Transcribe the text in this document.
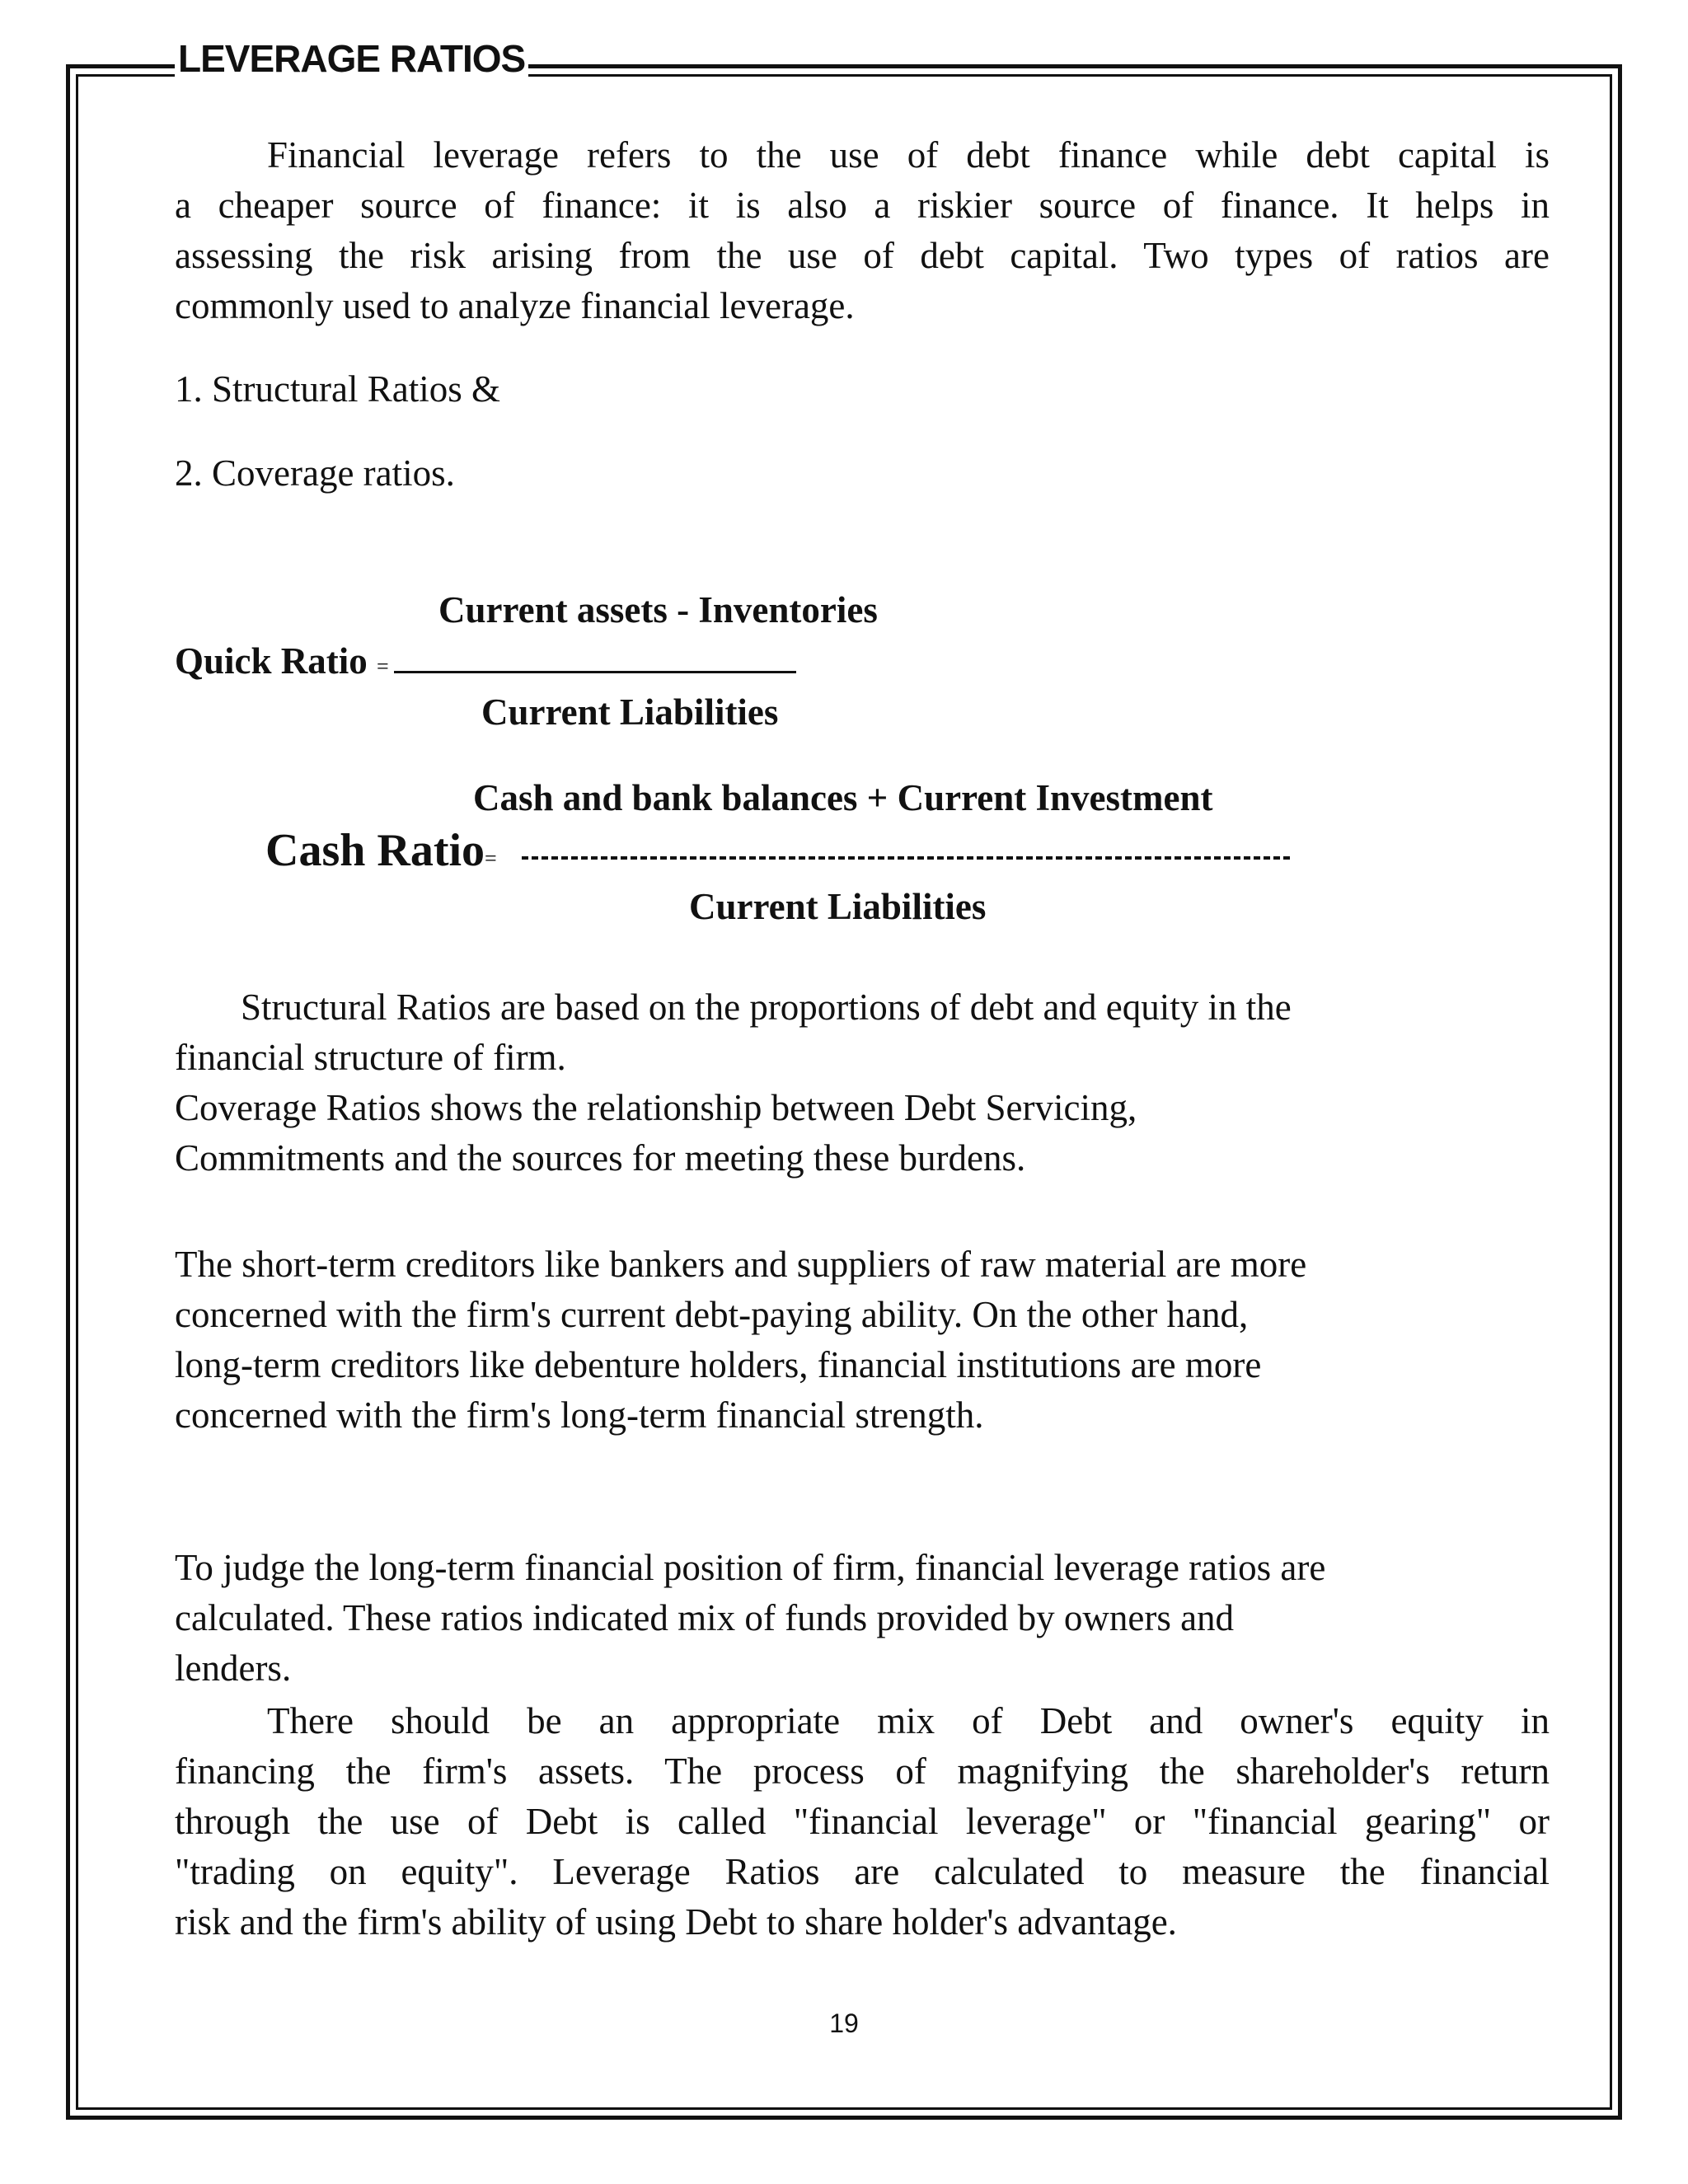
LEVERAGE RATIOS
Financial leverage refers to the use of debt finance while debt capital is
a cheaper source of finance: it is also a riskier source of finance. It helps in
assessing the risk arising from the use of debt capital. Two types of ratios are
commonly used to analyze financial leverage.
1. Structural Ratios &
2. Coverage ratios.
Current assets - Inventories
Quick Ratio =
Current Liabilities
Cash and bank balances + Current Investment
Cash Ratio=
Current Liabilities
Structural Ratios are based on the proportions of debt and equity in the
financial structure of firm.
Coverage Ratios shows the relationship between Debt Servicing,
Commitments and the sources for meeting these burdens.
The short-term creditors like bankers and suppliers of raw material are more
concerned with the firm's current debt-paying ability. On the other hand,
long-term creditors like debenture holders, financial institutions are more
concerned with the firm's long-term financial strength.
To judge the long-term financial position of firm, financial leverage ratios are
calculated. These ratios indicated mix of funds provided by owners and
lenders.
There should be an appropriate mix of Debt and owner's equity in
financing the firm's assets. The process of magnifying the shareholder's return
through the use of Debt is called "financial leverage" or "financial gearing" or
"trading on equity". Leverage Ratios are calculated to measure the financial
risk and the firm's ability of using Debt to share holder's advantage.
19
